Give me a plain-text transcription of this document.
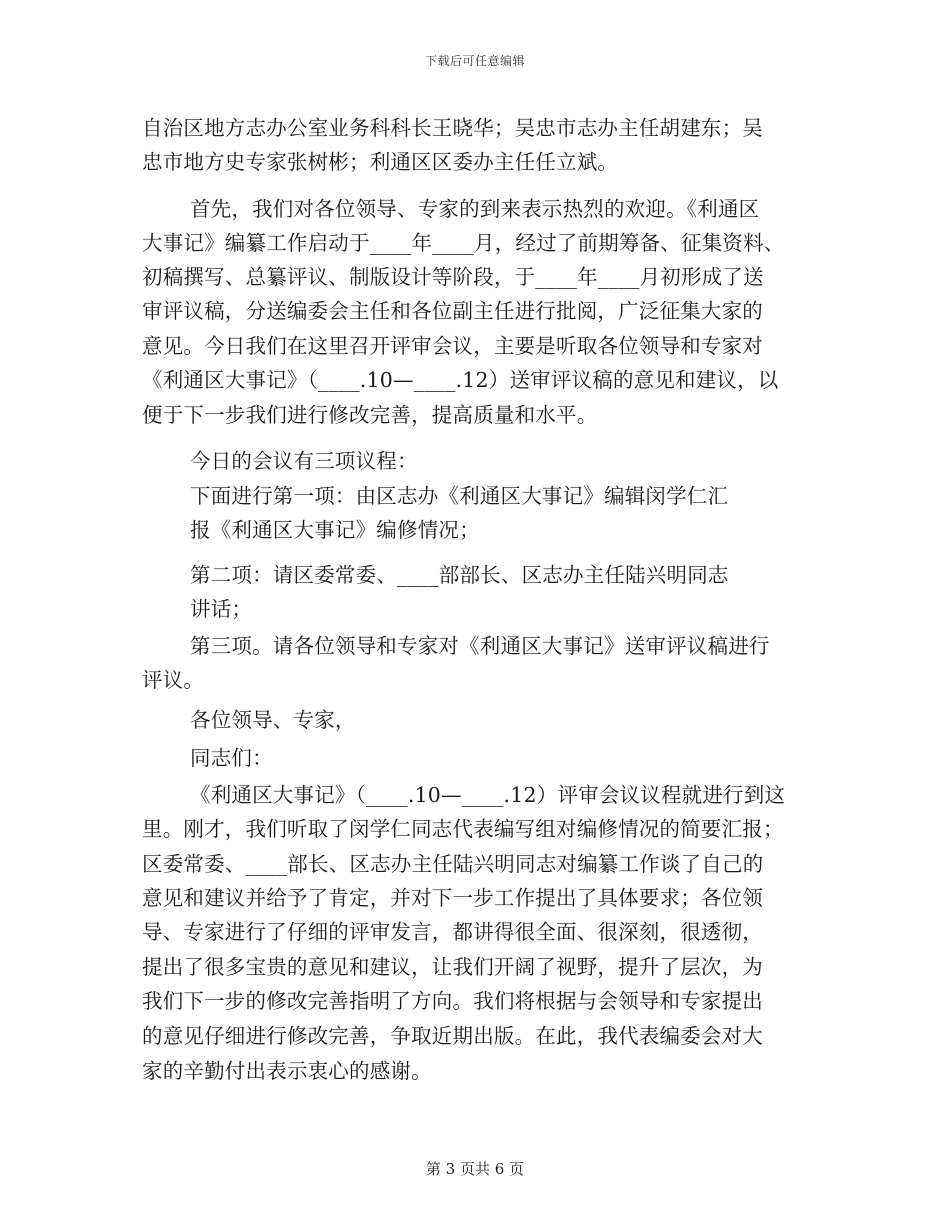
下载后可任意编辑
自治区地方志办公室业务科科长王晓华；吴忠市志办主任胡建东；吴
忠市地方史专家张树彬；利通区区委办主任任立斌。
首先，我们对各位领导、专家的到来表示热烈的欢迎。《利通区
大事记》编纂工作启动于____年____月，经过了前期筹备、征集资料、
初稿撰写、总纂评议、制版设计等阶段，于____年____月初形成了送
审评议稿，分送编委会主任和各位副主任进行批阅，广泛征集大家的
意见。今日我们在这里召开评审会议，主要是听取各位领导和专家对
《利通区大事记》（____.10—____.12）送审评议稿的意见和建议，以
便于下一步我们进行修改完善，提高质量和水平。
今日的会议有三项议程：
下面进行第一项：由区志办《利通区大事记》编辑闵学仁汇
报《利通区大事记》编修情况；
第二项：请区委常委、____部部长、区志办主任陆兴明同志
讲话；
第三项。请各位领导和专家对《利通区大事记》送审评议稿进行
评议。
各位领导、专家，
同志们：
《利通区大事记》（____.10—____.12）评审会议议程就进行到这
里。刚才，我们听取了闵学仁同志代表编写组对编修情况的简要汇报；
区委常委、____部长、区志办主任陆兴明同志对编纂工作谈了自己的
意见和建议并给予了肯定，并对下一步工作提出了具体要求；各位领
导、专家进行了仔细的评审发言，都讲得很全面、很深刻，很透彻，
提出了很多宝贵的意见和建议，让我们开阔了视野，提升了层次，为
我们下一步的修改完善指明了方向。我们将根据与会领导和专家提出
的意见仔细进行修改完善，争取近期出版。在此，我代表编委会对大
家的辛勤付出表示衷心的感谢。
第 3 页共 6 页
